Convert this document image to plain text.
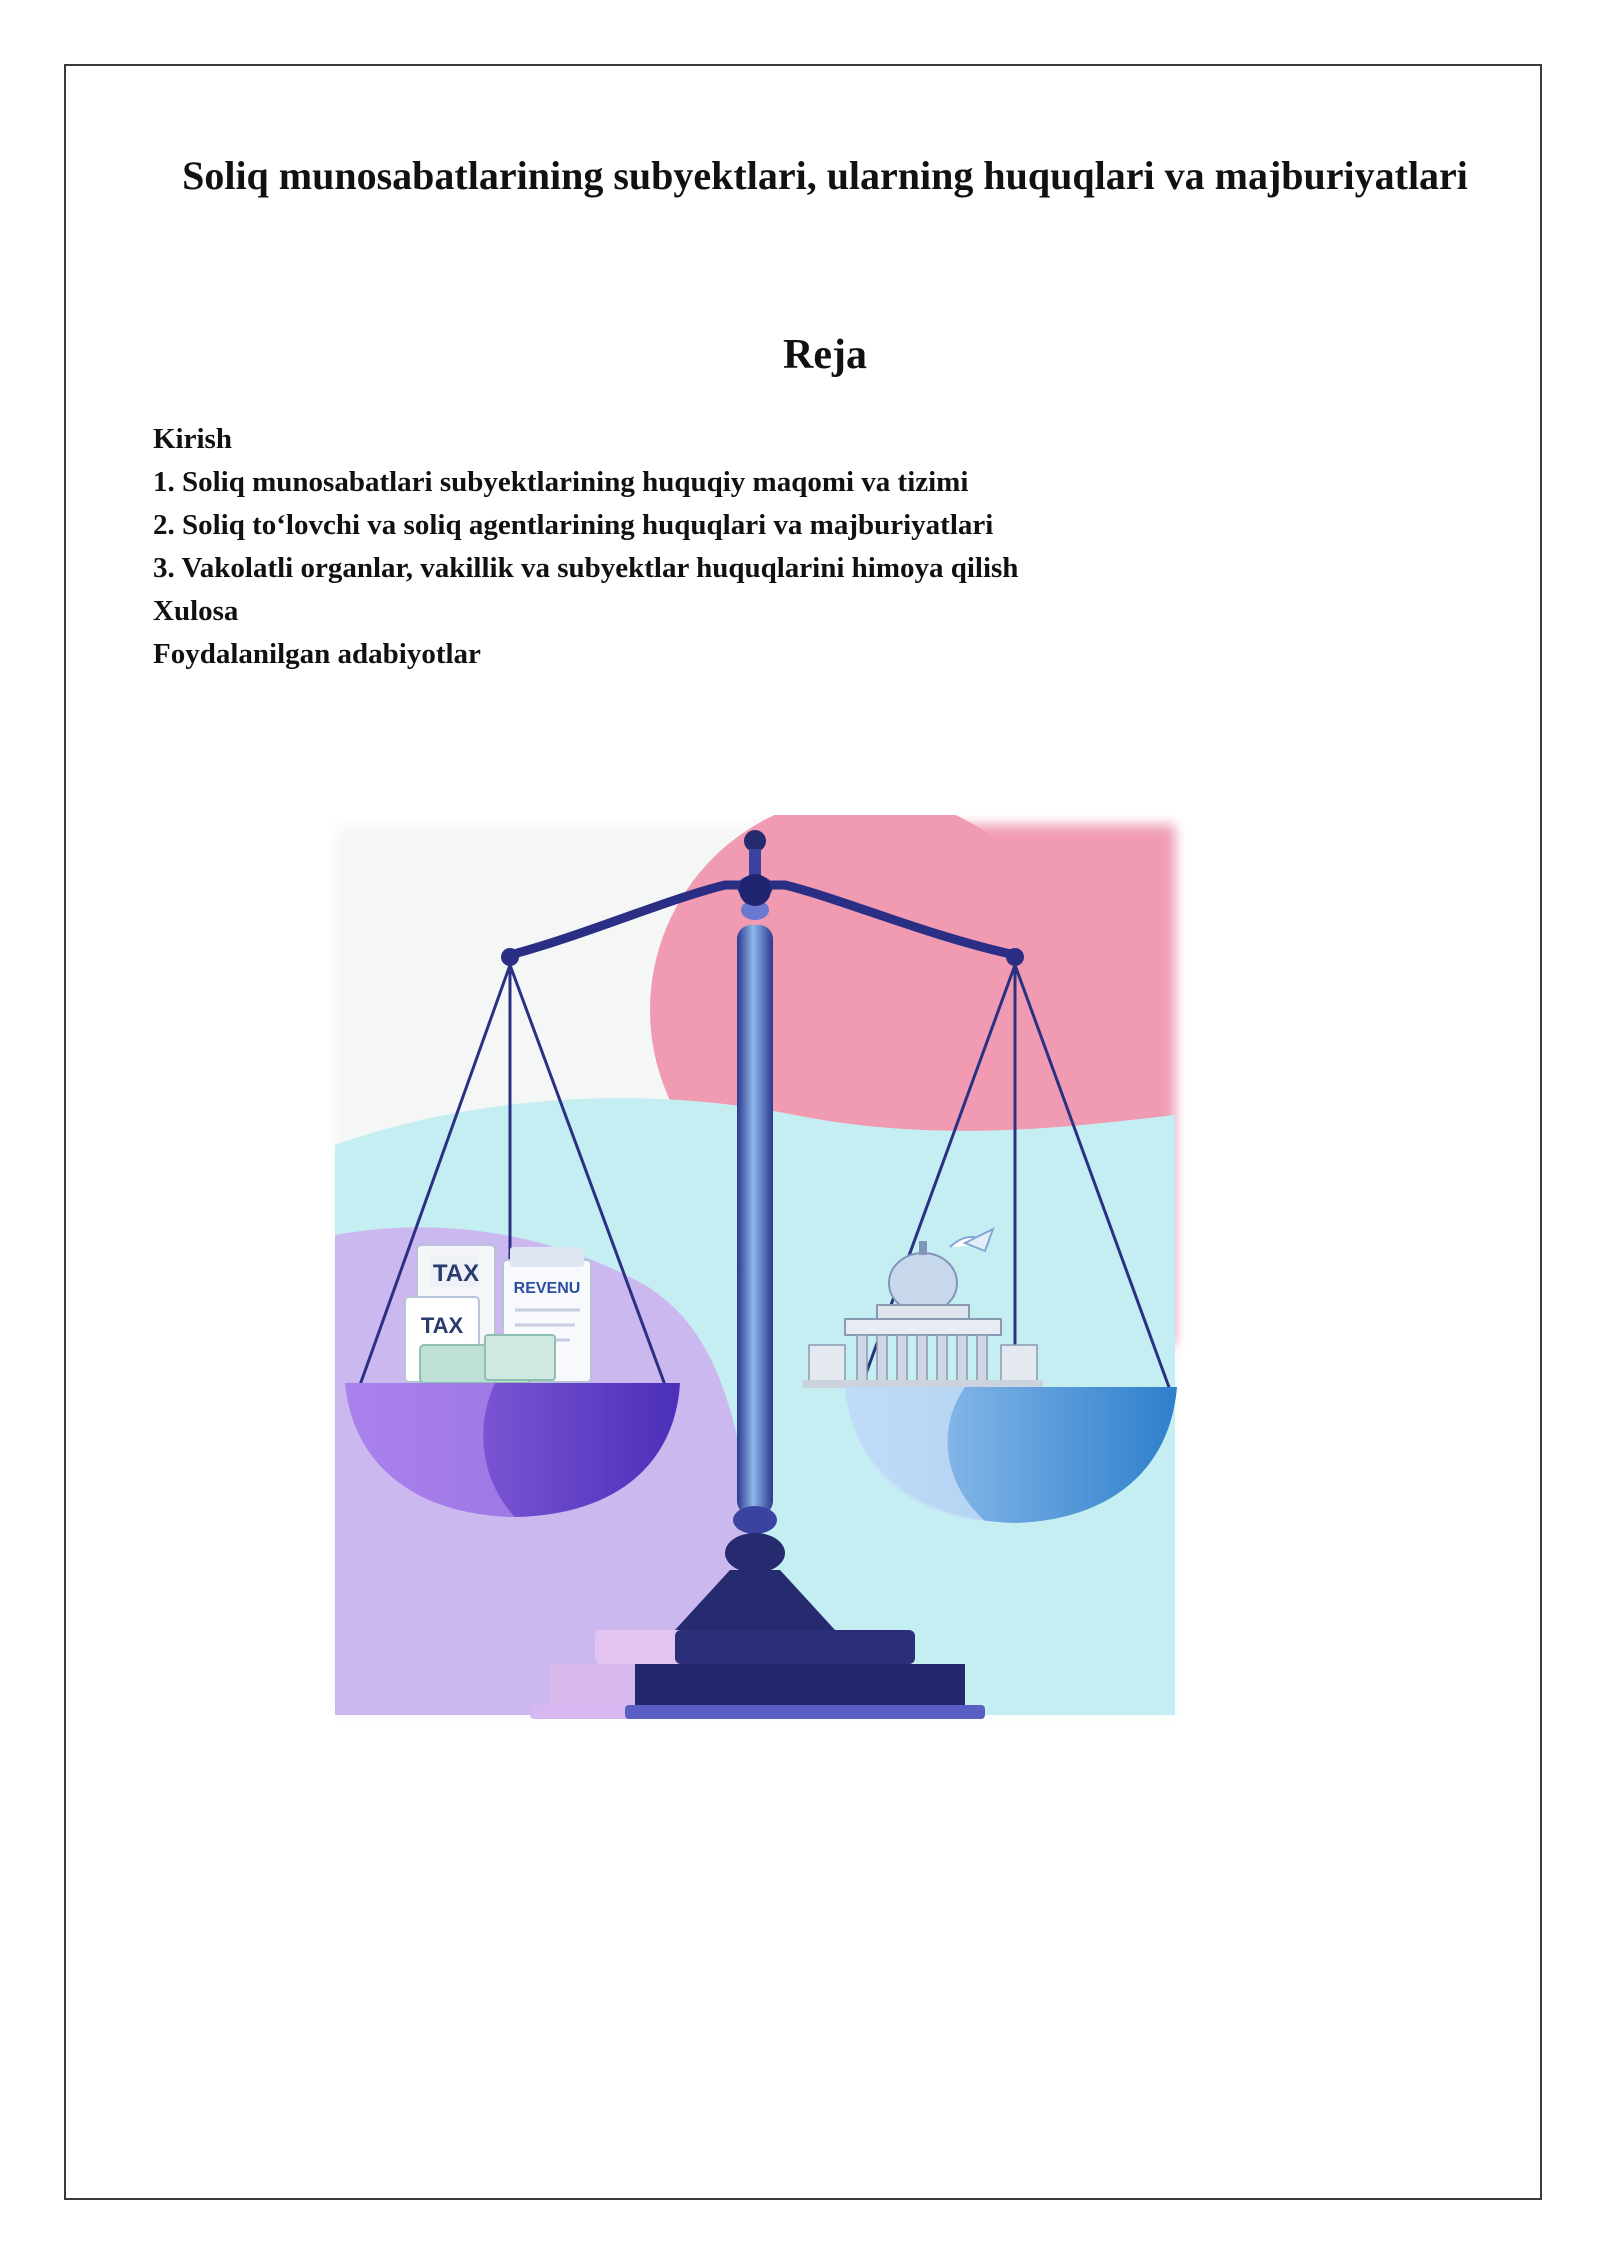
Soliq munosabatlarining subyektlari, ularning huquqlari va majburiyatlari
Reja
Kirish
1. Soliq munosabatlari subyektlarining huquqiy maqomi va tizimi
2. Soliq to‘lovchi va soliq agentlarining huquqlari va majburiyatlari
3. Vakolatli organlar, vakillik va subyektlar huquqlarini himoya qilish
Xulosa
Foydalanilgan adabiyotlar
TAX
TAX
REVENU
